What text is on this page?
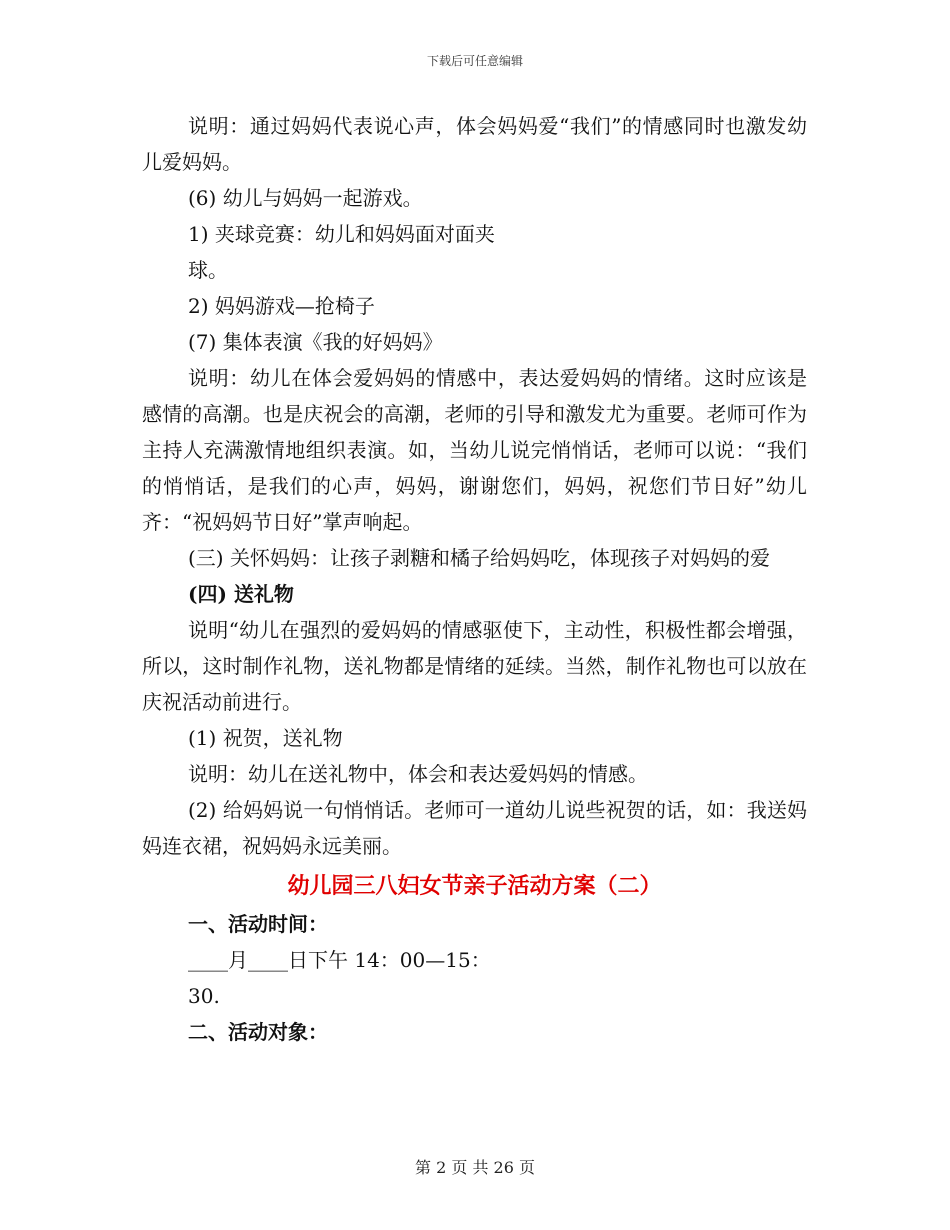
下载后可任意编辑

说明：通过妈妈代表说心声，体会妈妈爱“我们”的情感同时也激发幼儿爱妈妈。

(6) 幼儿与妈妈一起游戏。

1) 夹球竞赛：幼儿和妈妈面对面夹

球。

2) 妈妈游戏—抢椅子

(7) 集体表演《我的好妈妈》

说明：幼儿在体会爱妈妈的情感中，表达爱妈妈的情绪。这时应该是感情的高潮。也是庆祝会的高潮，老师的引导和激发尤为重要。老师可作为主持人充满激情地组织表演。如，当幼儿说完悄悄话，老师可以说：“我们的悄悄话，是我们的心声，妈妈，谢谢您们，妈妈，祝您们节日好”幼儿齐：“祝妈妈节日好”掌声响起。

(三) 关怀妈妈：让孩子剥糖和橘子给妈妈吃，体现孩子对妈妈的爱

(四) 送礼物

说明“幼儿在强烈的爱妈妈的情感驱使下，主动性，积极性都会增强，所以，这时制作礼物，送礼物都是情绪的延续。当然，制作礼物也可以放在庆祝活动前进行。

(1) 祝贺，送礼物

说明：幼儿在送礼物中，体会和表达爱妈妈的情感。

(2) 给妈妈说一句悄悄话。老师可一道幼儿说些祝贺的话，如：我送妈妈连衣裙，祝妈妈永远美丽。

幼儿园三八妇女节亲子活动方案（二）

一、活动时间：

____月____日下午 14：00—15：

30.

二、活动对象：

第 2 页 共 26 页
